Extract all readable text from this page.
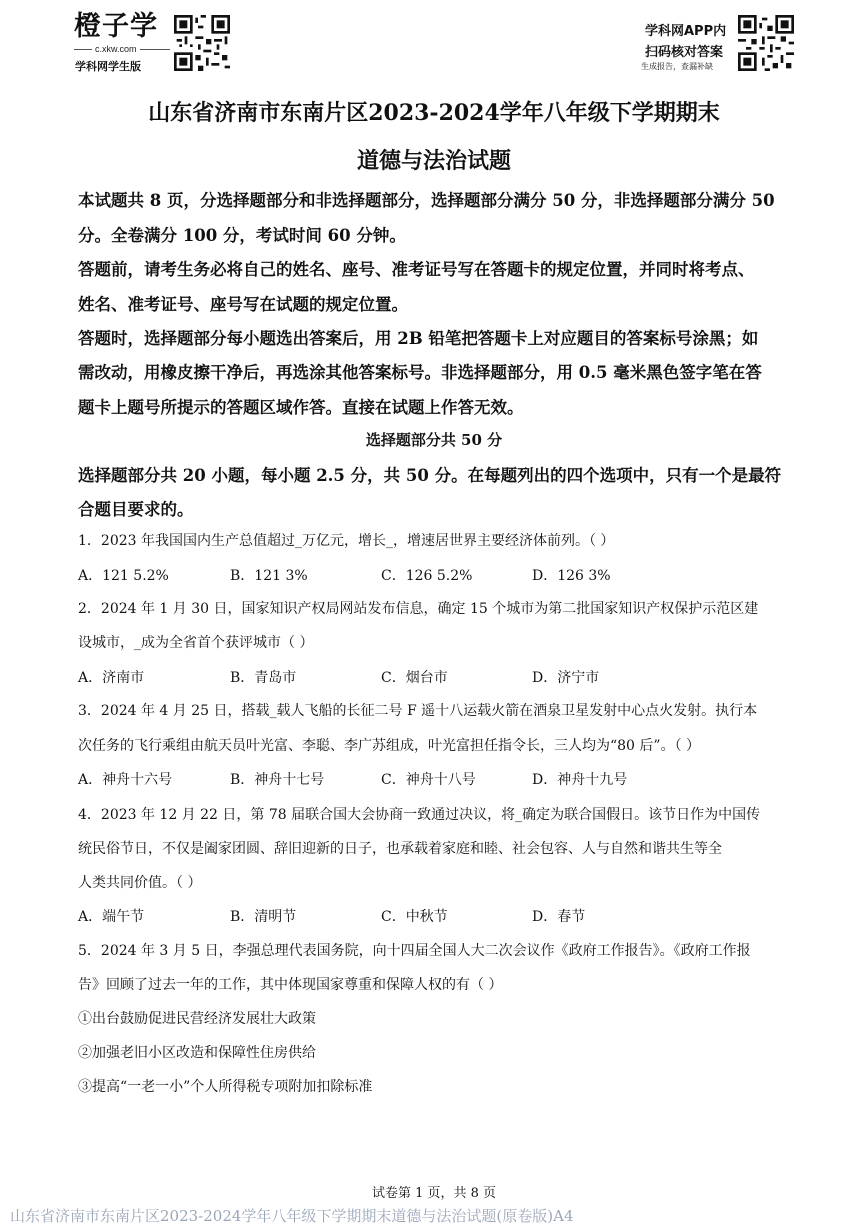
橙子学
c.xkw.com
学科网学生版
学科网APP内
扫码核对答案
生成报告，查漏补缺
山东省济南市东南片区2023-2024学年八年级下学期期末
道德与法治试题
本试题共 8 页，分选择题部分和非选择题部分，选择题部分满分 50 分，非选择题部分满分 50
分。全卷满分 100 分，考试时间 60 分钟。
答题前，请考生务必将自己的姓名、座号、准考证号写在答题卡的规定位置，并同时将考点、
姓名、准考证号、座号写在试题的规定位置。
答题时，选择题部分每小题选出答案后，用 2B 铅笔把答题卡上对应题目的答案标号涂黑；如
需改动，用橡皮擦干净后，再选涂其他答案标号。非选择题部分，用 0.5 毫米黑色签字笔在答
题卡上题号所提示的答题区域作答。直接在试题上作答无效。
选择题部分共 50 分
选择题部分共 20 小题，每小题 2.5 分，共 50 分。在每题列出的四个选项中，只有一个是最符
合题目要求的。
1．2023 年我国国内生产总值超过_万亿元，增长_，增速居世界主要经济体前列。（ ）
A．121 5.2%	B．121 3%	C．126 5.2%	D．126 3%
2．2024 年 1 月 30 日，国家知识产权局网站发布信息，确定 15 个城市为第二批国家知识产权保护示范区建
设城市，_成为全省首个获评城市（ ）
A．济南市	B．青岛市	C．烟台市	D．济宁市
3．2024 年 4 月 25 日，搭载_载人飞船的长征二号 F 遥十八运载火箭在酒泉卫星发射中心点火发射。执行本
次任务的飞行乘组由航天员叶光富、李聪、李广苏组成，叶光富担任指令长，三人均为“80 后”。（ ）
A．神舟十六号	B．神舟十七号	C．神舟十八号	D．神舟十九号
4．2023 年 12 月 22 日，第 78 届联合国大会协商一致通过决议，将_确定为联合国假日。该节日作为中国传
统民俗节日，不仅是阖家团圆、辞旧迎新的日子，也承载着家庭和睦、社会包容、人与自然和谐共生等全
人类共同价值。（ ）
A．端午节	B．清明节	C．中秋节	D．春节
5．2024 年 3 月 5 日，李强总理代表国务院，向十四届全国人大二次会议作《政府工作报告》。《政府工作报
告》回顾了过去一年的工作，其中体现国家尊重和保障人权的有（ ）
①出台鼓励促进民营经济发展壮大政策
②加强老旧小区改造和保障性住房供给
③提高“一老一小”个人所得税专项附加扣除标准
试卷第 1 页，共 8 页
山东省济南市东南片区2023-2024学年八年级下学期期末道德与法治试题(原卷版)A4
